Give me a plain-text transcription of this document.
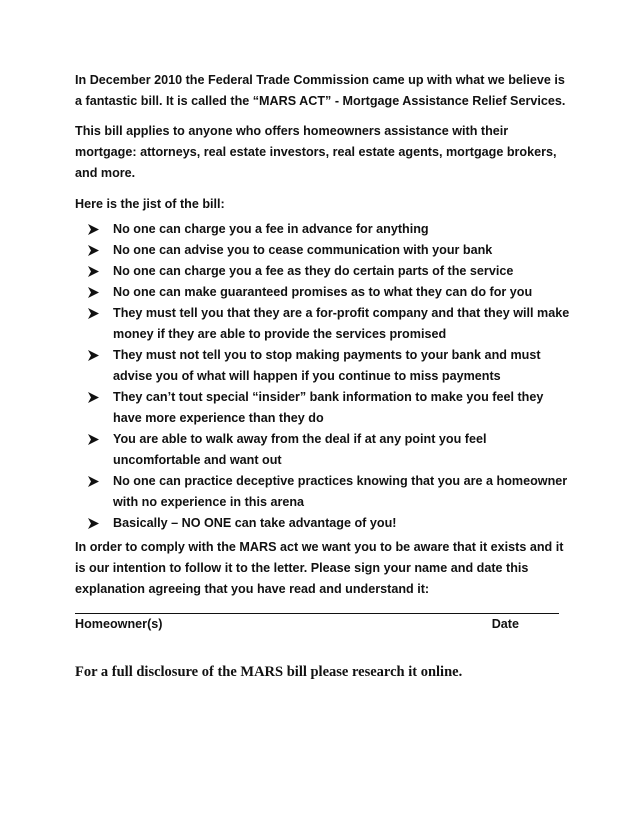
In December 2010 the Federal Trade Commission came up with what we believe is a fantastic bill. It is called the “MARS ACT” - Mortgage Assistance Relief Services.

This bill applies to anyone who offers homeowners assistance with their mortgage: attorneys, real estate investors, real estate agents, mortgage brokers, and more.

Here is the jist of the bill:

No one can charge you a fee in advance for anything
No one can advise you to cease communication with your bank
No one can charge you a fee as they do certain parts of the service
No one can make guaranteed promises as to what they can do for you
They must tell you that they are a for-profit company and that they will make money if they are able to provide the services promised
They must not tell you to stop making payments to your bank and must advise you of what will happen if you continue to miss payments
They can’t tout special “insider” bank information to make you feel they have more experience than they do
You are able to walk away from the deal if at any point you feel uncomfortable and want out
No one can practice deceptive practices knowing that you are a homeowner with no experience in this arena
Basically – NO ONE can take advantage of you!

In order to comply with the MARS act we want you to be aware that it exists and it is our intention to follow it to the letter. Please sign your name and date this explanation agreeing that you have read and understand it:

Homeowner(s)	Date

For a full disclosure of the MARS bill please research it online.
